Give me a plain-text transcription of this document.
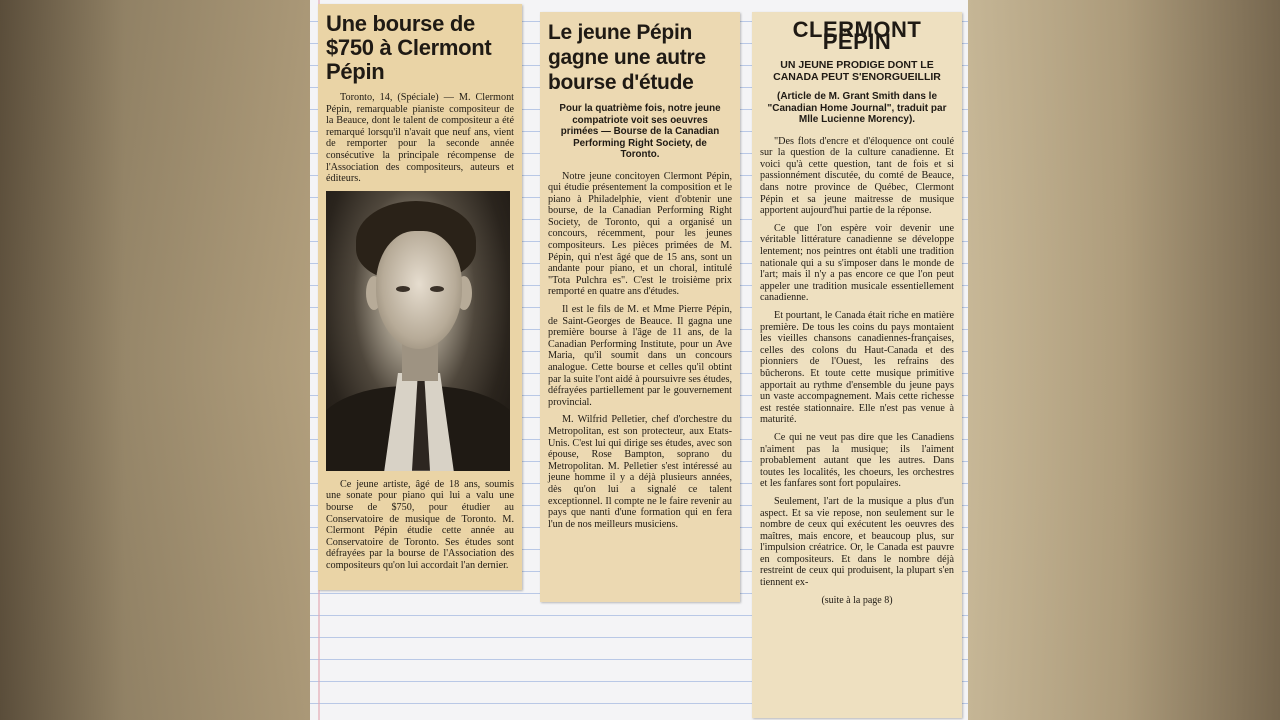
Une bourse de $750 à Clermont Pépin

Toronto, 14, (Spéciale) — M. Clermont Pépin, remarquable pianiste compositeur de la Beauce, dont le talent de compositeur a été remarqué lorsqu'il n'avait que neuf ans, vient de remporter pour la seconde année consécutive la principale récompense de l'Association des compositeurs, auteurs et éditeurs.

Ce jeune artiste, âgé de 18 ans, soumis une sonate pour piano qui lui a valu une bourse de $750, pour étudier au Conservatoire de musique de Toronto. M. Clermont Pépin étudie cette année au Conservatoire de Toronto. Ses études sont défrayées par la bourse de l'Association des compositeurs qu'on lui accordait l'an dernier.

Le jeune Pépin gagne une autre bourse d'étude
Pour la quatrième fois, notre jeune compatriote voit ses oeuvres primées — Bourse de la Canadian Performing Right Society, de Toronto.

Notre jeune concitoyen Clermont Pépin, qui étudie présentement la composition et le piano à Philadelphie, vient d'obtenir une bourse, de la Canadian Performing Right Society, de Toronto, qui a organisé un concours, récemment, pour les jeunes compositeurs. Les pièces primées de M. Pépin, qui n'est âgé que de 15 ans, sont un andante pour piano, et un choral, intitulé "Tota Pulchra es". C'est le troisième prix remporté en quatre ans d'études.

Il est le fils de M. et Mme Pierre Pépin, de Saint-Georges de Beauce. Il gagna une première bourse à l'âge de 11 ans, de la Canadian Performing Institute, pour un Ave Maria, qu'il soumit dans un concours analogue. Cette bourse et celles qu'il obtint par la suite l'ont aidé à poursuivre ses études, défrayées partiellement par le gouvernement provincial.

M. Wilfrid Pelletier, chef d'orchestre du Metropolitan, est son protecteur, aux Etats-Unis. C'est lui qui dirige ses études, avec son épouse, Rose Bampton, soprano du Metropolitan. M. Pelletier s'est intéressé au jeune homme il y a déjà plusieurs années, dès qu'on lui a signalé ce talent exceptionnel. Il compte ne le faire revenir au pays que nanti d'une formation qui en fera l'un de nos meilleurs musiciens.

CLERMONT PÉPIN
UN JEUNE PRODIGE DONT LE CANADA PEUT S'ENORGUEILLIR
(Article de M. Grant Smith dans le "Canadian Home Journal", traduit par Mlle Lucienne Morency).

"Des flots d'encre et d'éloquence ont coulé sur la question de la culture canadienne. Et voici qu'à cette question, tant de fois et si passionnément discutée, du comté de Beauce, dans notre province de Québec, Clermont Pépin et sa jeune maitresse de musique apportent aujourd'hui partie de la réponse.

Ce que l'on espère voir devenir une véritable littérature canadienne se développe lentement; nos peintres ont établi une tradition nationale qui a su s'imposer dans le monde de l'art; mais il n'y a pas encore ce que l'on peut appeler une tradition musicale essentiellement canadienne.

Et pourtant, le Canada était riche en matière première. De tous les coins du pays montaient les vieilles chansons canadiennes-françaises, celles des colons du Haut-Canada et des pionniers de l'Ouest, les refrains des bûcherons. Et toute cette musique primitive apportait au rythme d'ensemble du jeune pays un vaste accompagnement. Mais cette richesse est restée stationnaire. Elle n'est pas venue à maturité.

Ce qui ne veut pas dire que les Canadiens n'aiment pas la musique; ils l'aiment probablement autant que les autres. Dans toutes les localités, les choeurs, les orchestres et les fanfares sont fort populaires.

Seulement, l'art de la musique a plus d'un aspect. Et sa vie repose, non seulement sur le nombre de ceux qui exécutent les oeuvres des maîtres, mais encore, et beaucoup plus, sur l'impulsion créatrice. Or, le Canada est pauvre en compositeurs. Et dans le nombre déjà restreint de ceux qui produisent, la plupart s'en tiennent ex-

(suite à la page 8)
